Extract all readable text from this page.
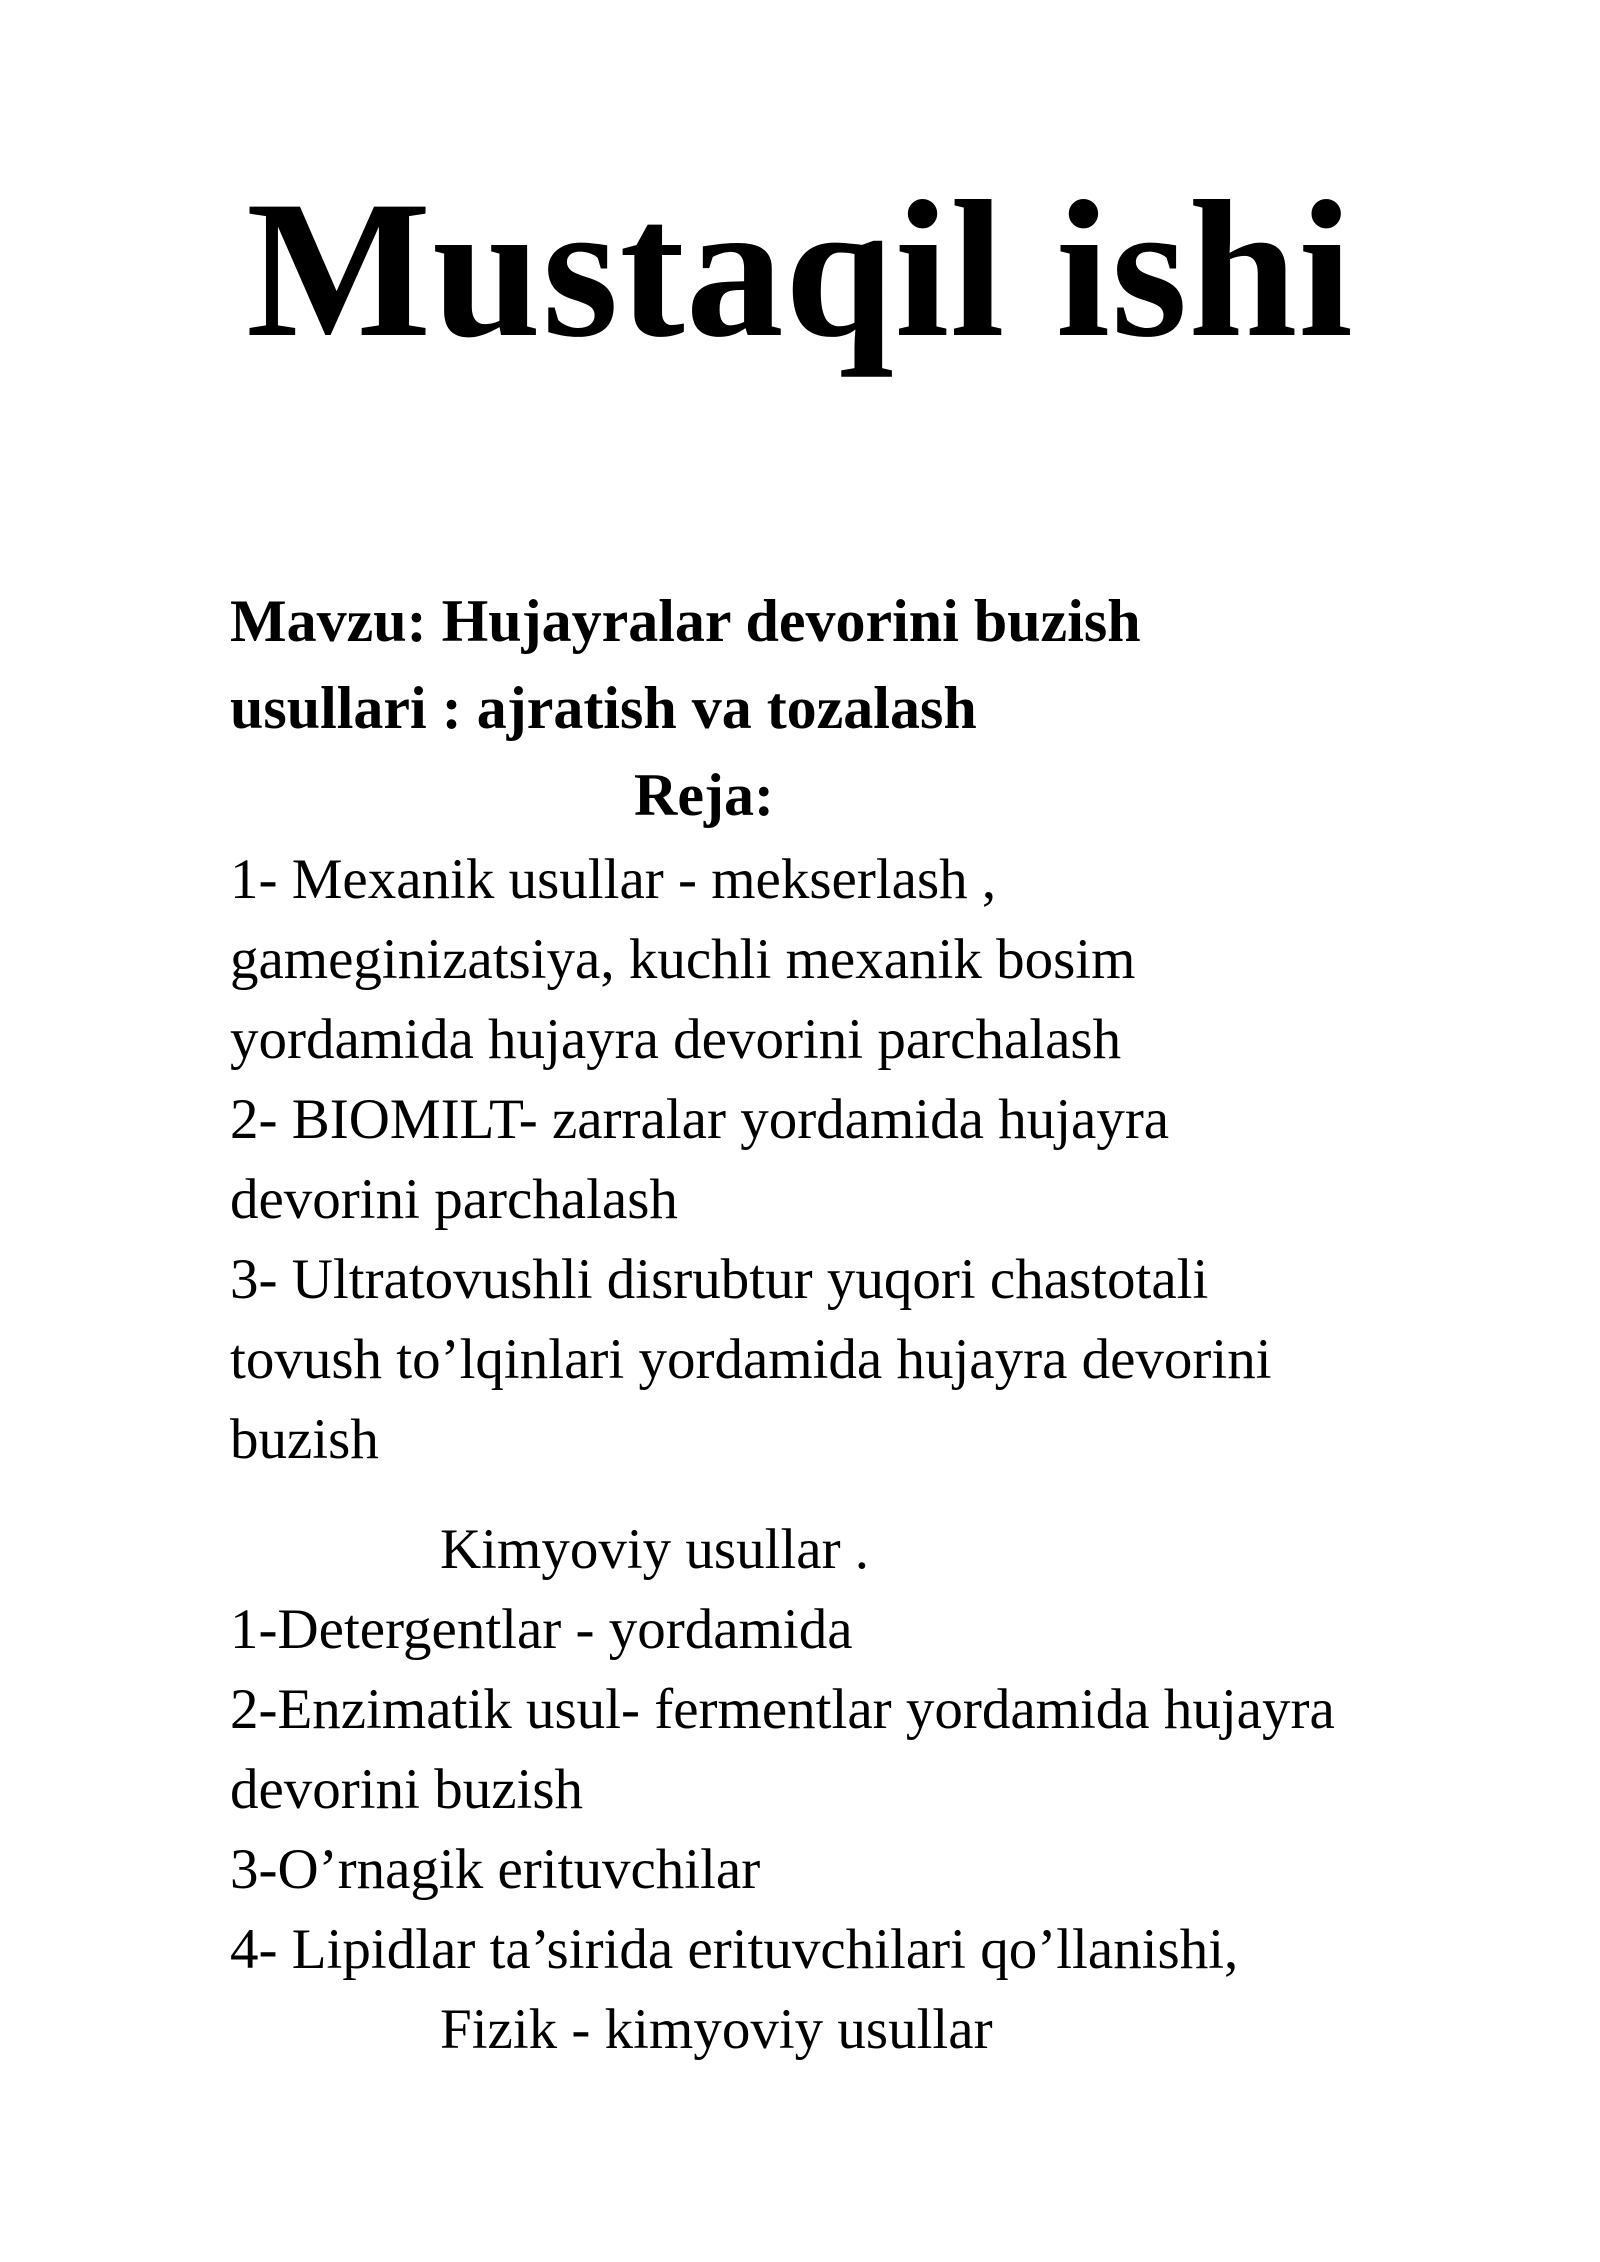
Mustaqil ishi
Mavzu: Hujayralar devorini buzish
usullari : ajratish va tozalash
Reja:
1- Mexanik usullar - mekserlash ,
gameginizatsiya, kuchli mexanik bosim
yordamida hujayra devorini parchalash
2- BIOMILT- zarralar yordamida hujayra
devorini parchalash
3- Ultratovushli disrubtur yuqori chastotali
tovush to’lqinlari yordamida hujayra devorini
buzish
Kimyoviy usullar .
1-Detergentlar - yordamida
2-Enzimatik usul- fermentlar yordamida hujayra
devorini buzish
3-O’rnagik erituvchilar
4- Lipidlar ta’sirida erituvchilari qo’llanishi,
Fizik - kimyoviy usullar
